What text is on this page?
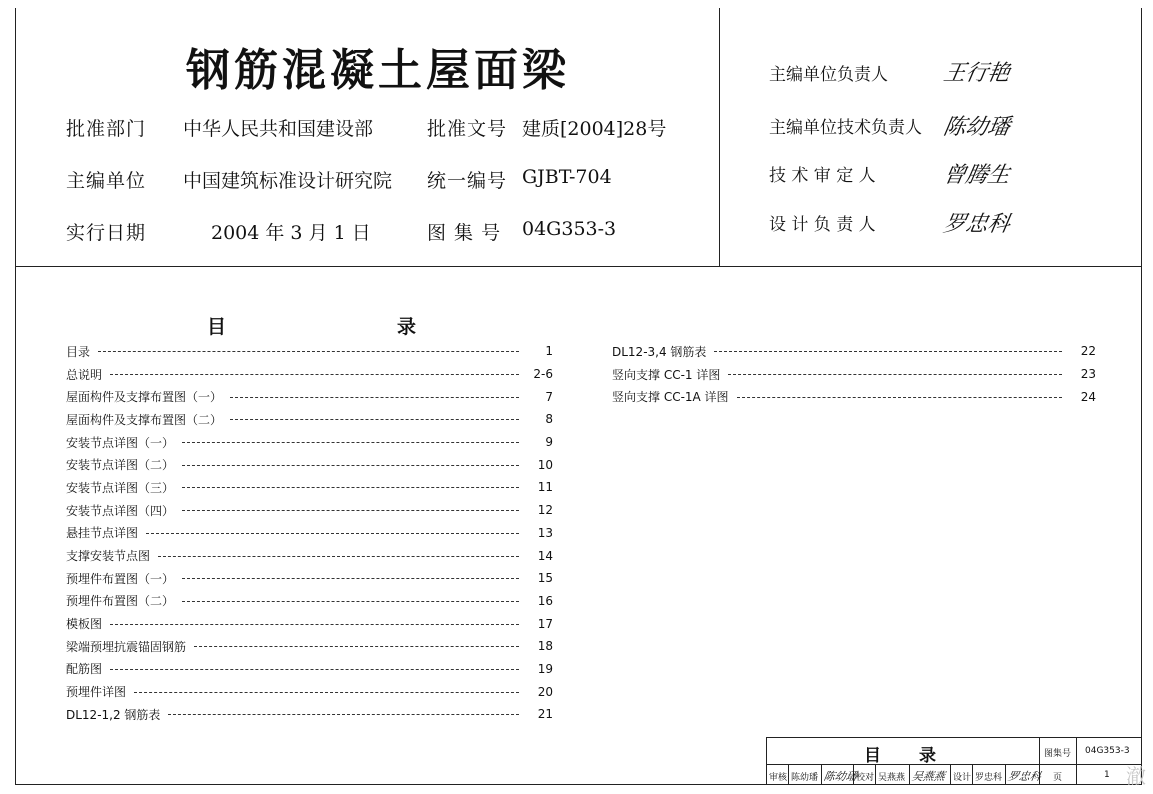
钢筋混凝土屋面梁
批准部门 中华人民共和国建设部	批准文号 建质[2004]28号
主编单位 中国建筑标准设计研究院 统一编号 GJBT-704
实行日期	2004 年 3 月 1 日	图 集 号 04G353-3
主编单位负责人 王行艳
主编单位技术负责人 陈幼璠
技 术 审 定 人	曾腾生
设 计 负 责 人	罗忠科
目	录
目录	1
总说明	2-6
屋面构件及支撑布置图（一）	7
屋面构件及支撑布置图（二）	8
安装节点详图（一）	9
安装节点详图（二）	10
安装节点详图（三）	11
安装节点详图（四）	12
悬挂节点详图	13
支撑安装节点图	14
预埋件布置图（一）	15
预埋件布置图（二）	16
模板图	17
梁端预埋抗震锚固钢筋	18
配筋图	19
预埋件详图	20
DL12-1,2 钢筋表	21
DL12-3,4 钢筋表	22
竖向支撑 CC-1 详图	23
竖向支撑 CC-1A 详图	24
目 录	图集号 04G353-3
审核 陈幼璠 陈幼璠
校对 吴燕燕 吴燕燕 设计 罗忠科 罗忠科 页	1 澈
